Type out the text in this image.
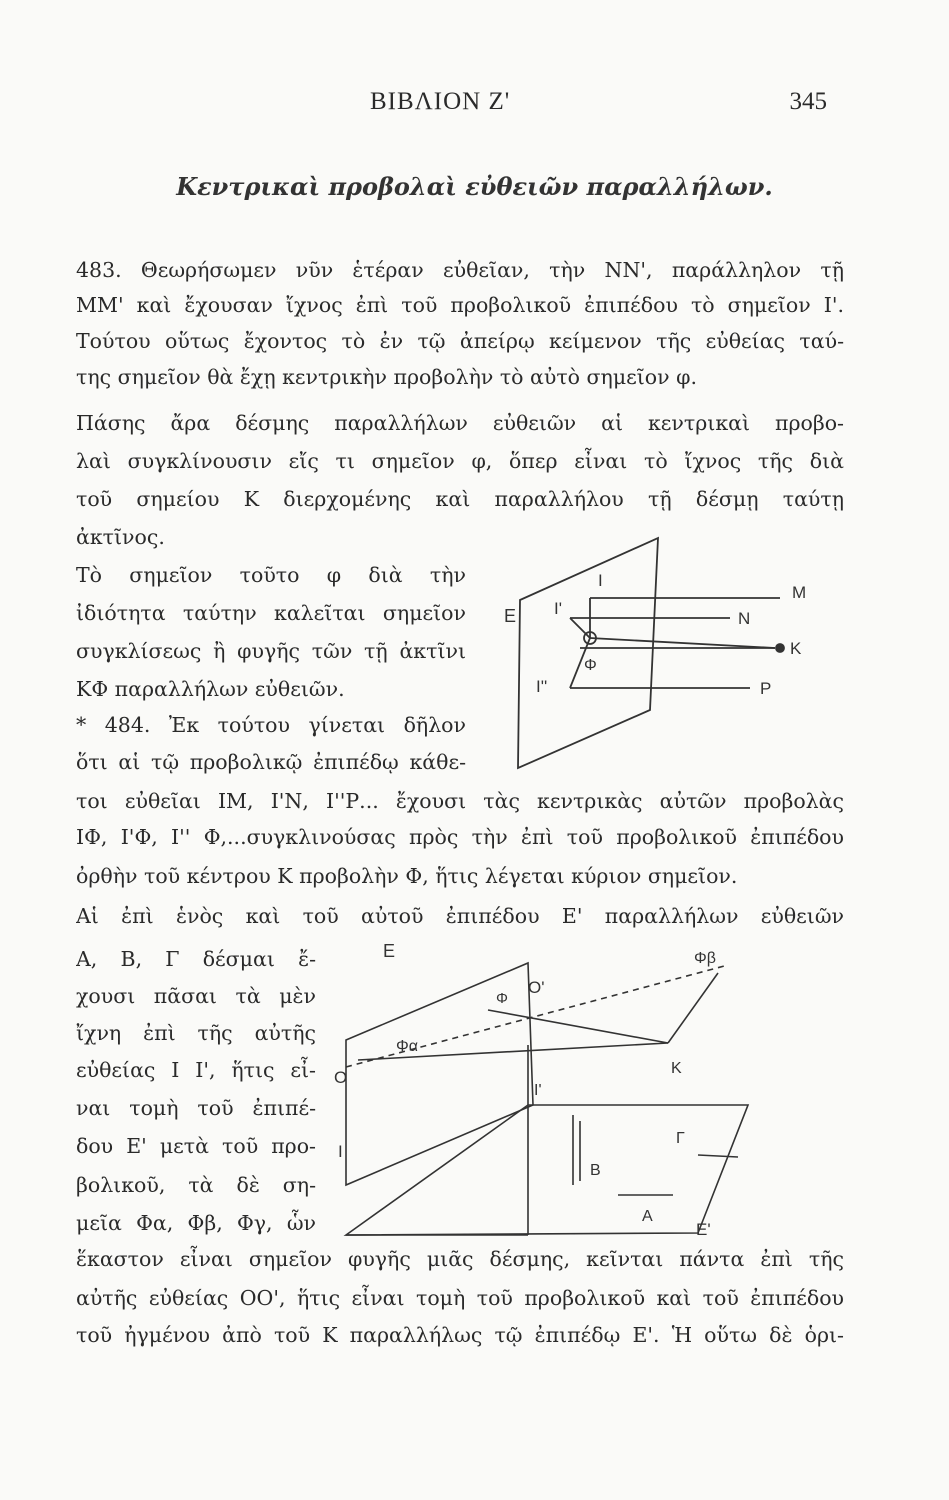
ΒΙΒΛΙΟΝ Ζ'	345
Κεντρικαὶ προβολαὶ εὐθειῶν παραλλήλων.
483. Θεωρήσωμεν νῦν ἑτέραν εὐθεῖαν, τὴν ΝΝ', παράλληλον τῇ
ΜΜ' καὶ ἔχουσαν ἴχνος ἐπὶ τοῦ προβολικοῦ ἐπιπέδου τὸ σημεῖον Ι'.
Τούτου οὕτως ἔχοντος τὸ ἐν τῷ ἀπείρῳ κείμενον τῆς εὐθείας ταύ-
της σημεῖον θὰ ἔχῃ κεντρικὴν προβολὴν τὸ αὐτὸ σημεῖον φ.
Πάσης ἄρα δέσμης παραλλήλων εὐθειῶν αἱ κεντρικαὶ προβο-
λαὶ συγκλίνουσιν εἴς τι σημεῖον φ, ὅπερ εἶναι τὸ ἴχνος τῆς διὰ
τοῦ σημείου Κ διερχομένης καὶ παραλλήλου τῇ δέσμῃ ταύτῃ
ἀκτῖνος.
Τὸ σημεῖον τοῦτο φ διὰ τὴν
ἰδιότητα ταύτην καλεῖται σημεῖον
συγκλίσεως ἢ φυγῆς τῶν τῇ ἀκτῖνι
ΚΦ παραλλήλων εὐθειῶν.
* 484. Ἐκ τούτου γίνεται δῆλον
ὅτι αἱ τῷ προβολικῷ ἐπιπέδῳ κάθε-
τοι εὐθεῖαι ΙΜ, Ι'Ν, Ι''Ρ... ἔχουσι τὰς κεντρικὰς αὐτῶν προβολὰς
ΙΦ, Ι'Φ, Ι'' Φ,...συγκλινούσας πρὸς τὴν ἐπὶ τοῦ προβολικοῦ ἐπιπέδου
ὀρθὴν τοῦ κέντρου Κ προβολὴν Φ, ἥτις λέγεται κύριον σημεῖον.
Αἱ ἐπὶ ἑνὸς καὶ τοῦ αὐτοῦ ἐπιπέδου Ε' παραλλήλων εὐθειῶν
Α, Β, Γ δέσμαι ἔ-
χουσι πᾶσαι τὰ μὲν
ἴχνη ἐπὶ τῆς αὐτῆς
εὐθείας Ι Ι', ἥτις εἶ-
ναι τομὴ τοῦ ἐπιπέ-
δου Ε' μετὰ τοῦ προ-
βολικοῦ, τὰ δὲ ση-
μεῖα Φα, Φβ, Φγ, ὧν
ἕκαστον εἶναι σημεῖον φυγῆς μιᾶς δέσμης, κεῖνται πάντα ἐπὶ τῆς
αὐτῆς εὐθείας ΟΟ', ἥτις εἶναι τομὴ τοῦ προβολικοῦ καὶ τοῦ ἐπιπέδου
τοῦ ἠγμένου ἀπὸ τοῦ Κ παραλλήλως τῷ ἐπιπέδῳ Ε'. Ἡ οὕτω δὲ ὁρι-
E
I
I'
I''
M
N
K
P
Φ
E
Φ
O'
Φβ
Φα
K
O
I'
I
Γ
B
A
E'
